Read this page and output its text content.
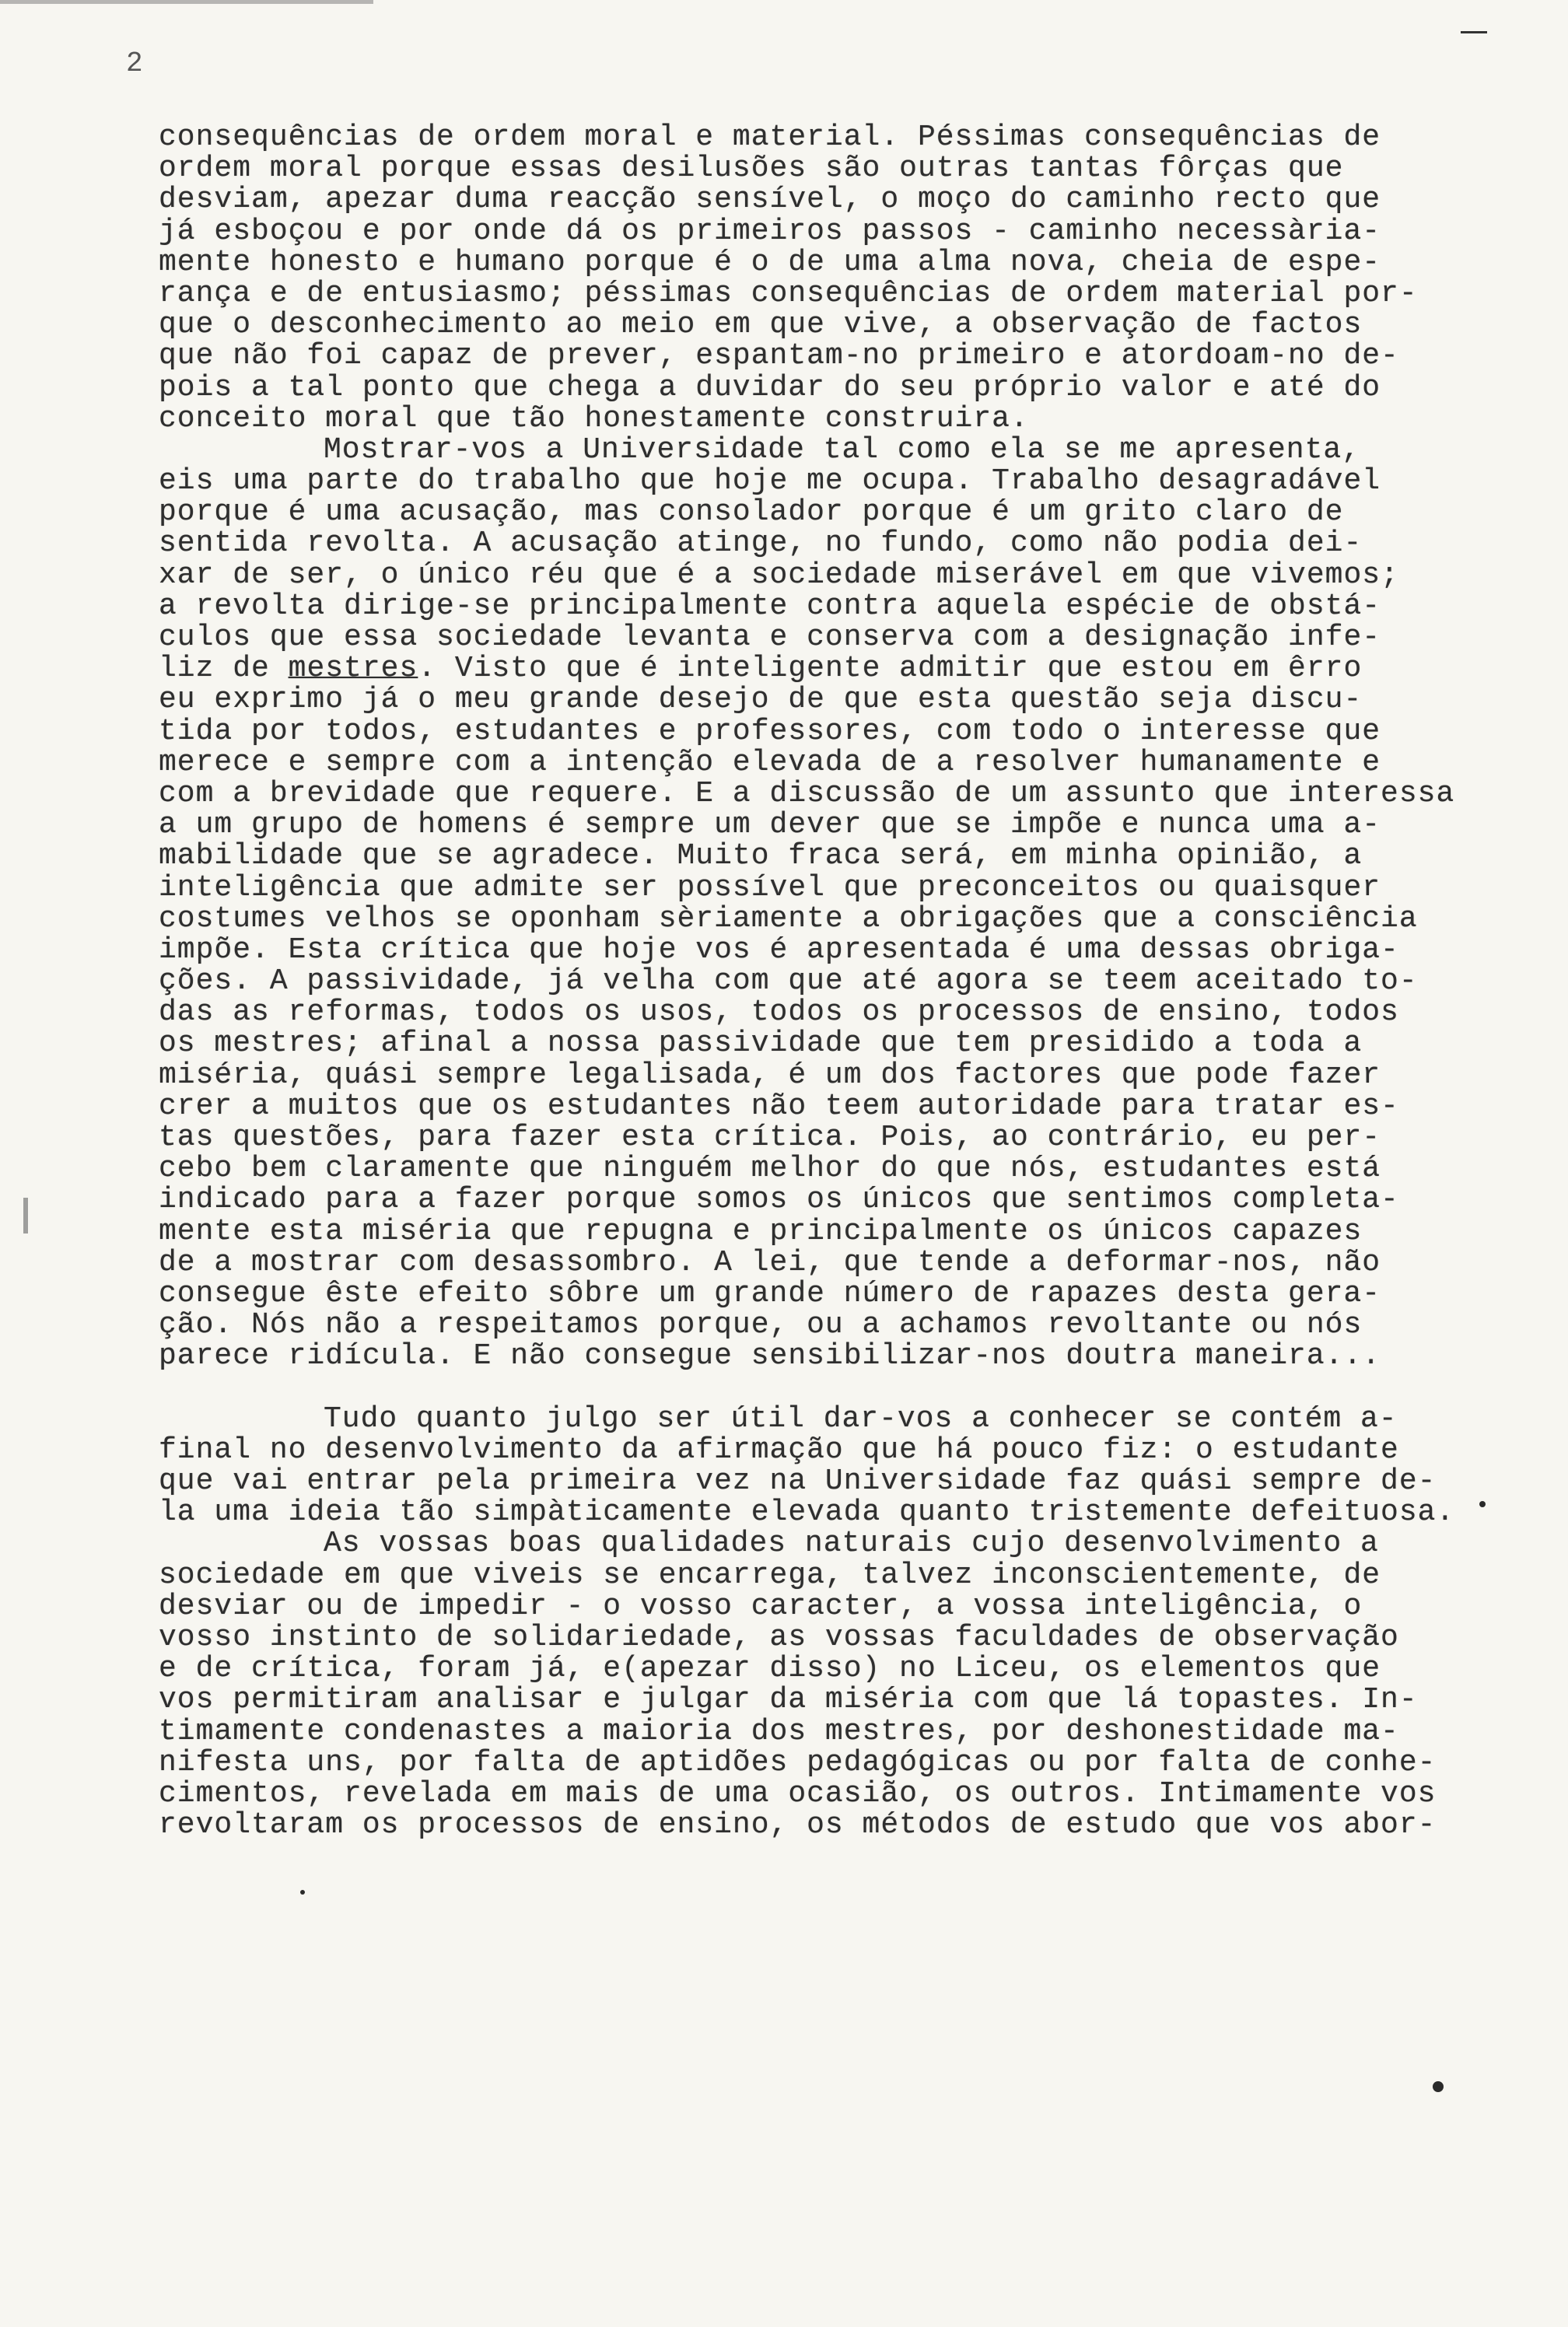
2
consequências de ordem moral e material. Péssimas consequências de
ordem moral porque essas desilusões são outras tantas fôrças que
desviam, apezar duma reacção sensível, o moço do caminho recto que
já esboçou e por onde dá os primeiros passos - caminho necessària-
mente honesto e humano porque é o de uma alma nova, cheia de espe-
rança e de entusiasmo; péssimas consequências de ordem material por-
que o desconhecimento ao meio em que vive, a observação de factos
que não foi capaz de prever, espantam-no primeiro e atordoam-no de-
pois a tal ponto que chega a duvidar do seu próprio valor e até do
conceito moral que tão honestamente construira.
Mostrar-vos a Universidade tal como ela se me apresenta,
eis uma parte do trabalho que hoje me ocupa. Trabalho desagradável
porque é uma acusação, mas consolador porque é um grito claro de
sentida revolta. A acusação atinge, no fundo, como não podia dei-
xar de ser, o único réu que é a sociedade miserável em que vivemos;
a revolta dirige-se principalmente contra aquela espécie de obstá-
culos que essa sociedade levanta e conserva com a designação infe-
liz de mestres. Visto que é inteligente admitir que estou em êrro
eu exprimo já o meu grande desejo de que esta questão seja discu-
tida por todos, estudantes e professores, com todo o interesse que
merece e sempre com a intenção elevada de a resolver humanamente e
com a brevidade que requere. E a discussão de um assunto que interessa
a um grupo de homens é sempre um dever que se impõe e nunca uma a-
mabilidade que se agradece. Muito fraca será, em minha opinião, a
inteligência que admite ser possível que preconceitos ou quaisquer
costumes velhos se oponham sèriamente a obrigações que a consciência
impõe. Esta crítica que hoje vos é apresentada é uma dessas obriga-
ções. A passividade, já velha com que até agora se teem aceitado to-
das as reformas, todos os usos, todos os processos de ensino, todos
os mestres; afinal a nossa passividade que tem presidido a toda a
miséria, quási sempre legalisada, é um dos factores que pode fazer
crer a muitos que os estudantes não teem autoridade para tratar es-
tas questões, para fazer esta crítica. Pois, ao contrário, eu per-
cebo bem claramente que ninguém melhor do que nós, estudantes está
indicado para a fazer porque somos os únicos que sentimos completa-
mente esta miséria que repugna e principalmente os únicos capazes
de a mostrar com desassombro. A lei, que tende a deformar-nos, não
consegue êste efeito sôbre um grande número de rapazes desta gera-
ção. Nós não a respeitamos porque, ou a achamos revoltante ou nós
parece ridícula. E não consegue sensibilizar-nos doutra maneira...
Tudo quanto julgo ser útil dar-vos a conhecer se contém a-
final no desenvolvimento da afirmação que há pouco fiz: o estudante
que vai entrar pela primeira vez na Universidade faz quási sempre de-
la uma ideia tão simpàticamente elevada quanto tristemente defeituosa.
As vossas boas qualidades naturais cujo desenvolvimento a
sociedade em que viveis se encarrega, talvez inconscientemente, de
desviar ou de impedir - o vosso caracter, a vossa inteligência, o
vosso instinto de solidariedade, as vossas faculdades de observação
e de crítica, foram já, e(apezar disso) no Liceu, os elementos que
vos permitiram analisar e julgar da miséria com que lá topastes. In-
timamente condenastes a maioria dos mestres, por deshonestidade ma-
nifesta uns, por falta de aptidões pedagógicas ou por falta de conhe-
cimentos, revelada em mais de uma ocasião, os outros. Intimamente vos
revoltaram os processos de ensino, os métodos de estudo que vos abor-
